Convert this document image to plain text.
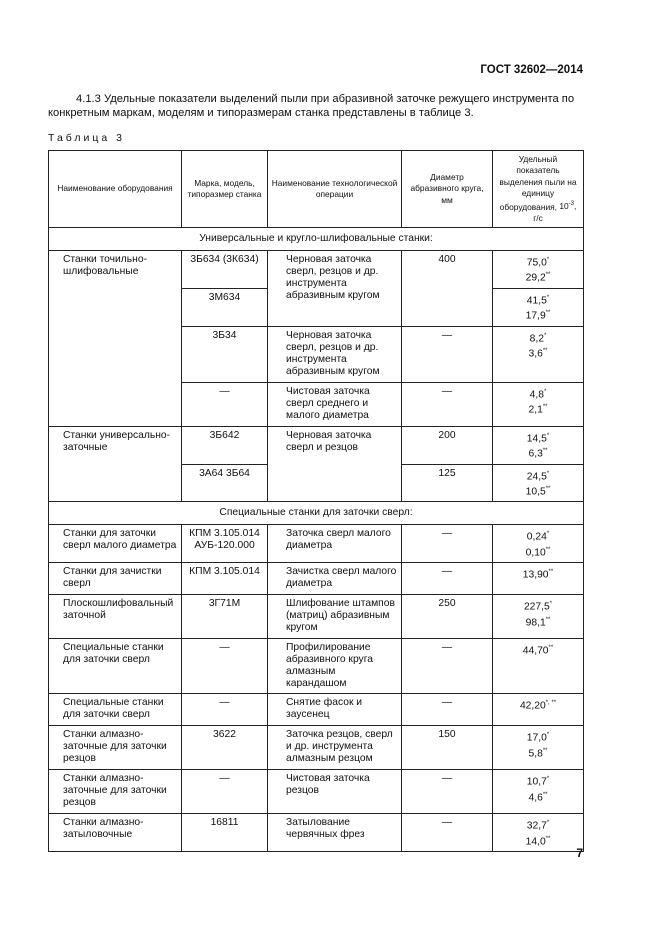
ГОСТ 32602—2014

4.1.3 Удельные показатели выделений пыли при абразивной заточке режущего инструмента по конкретным маркам, моделям и типоразмерам станка представлены в таблице 3.

Таблица 3
Наименование оборудования	Марка, модель, типоразмер станка	Наименование технологической операции	Диаметр абразивного круга, мм	Удельный показатель выделения пыли на единицу оборудования, $10^{-3}$, г/с
Универсальные и кругло-шлифовальные станки:				
Станки точильно-шлифовальные	3Б634 (3К634)	Черновая заточка сверл, резцов и др. инструмента абразивным кругом	400	75,0*
29,2**
	3М634			41,5*
17,9**
	3Б34	Черновая заточка сверл, резцов и др. инструмента абразивным кругом	—	8,2*
3,6**
	—	Чистовая заточка сверл среднего и малого диаметра	—	4,8*
2,1**
Станки универсально-заточные	3Б642	Черновая заточка сверл и резцов	200	14,5*
6,3**
	3А64 3Б64		125	24,5*
10,5**
Специальные станки для заточки сверл:				
Станки для заточки сверл малого диаметра	КПМ 3.105.014
АУБ-120.000	Заточка сверл малого диаметра	—	0,24*
0,10**
Станки для зачистки сверл	КПМ 3.105.014	Зачистка сверл малого диаметра	—	13,90**
Плоскошлифовальный заточной	3Г71М	Шлифование штампов (матриц) абразивным кругом	250	227,5*
98,1**
Специальные станки для заточки сверл	—	Профилирование абразивного круга алмазным карандашом	—	44,70**
Специальные станки для заточки сверл	—	Снятие фасок и заусенец	—	42,20*, **
Станки алмазно-заточные для заточки резцов	3622	Заточка резцов, сверл и др. инструмента алмазным резцом	150	17,0*
5,8**
Станки алмазно-заточные для заточки резцов	—	Чистовая заточка резцов	—	10,7*
4,6**
Станки алмазно-затыловочные	16811	Затылование червячных фрез	—	32,7*
14,0**
7
